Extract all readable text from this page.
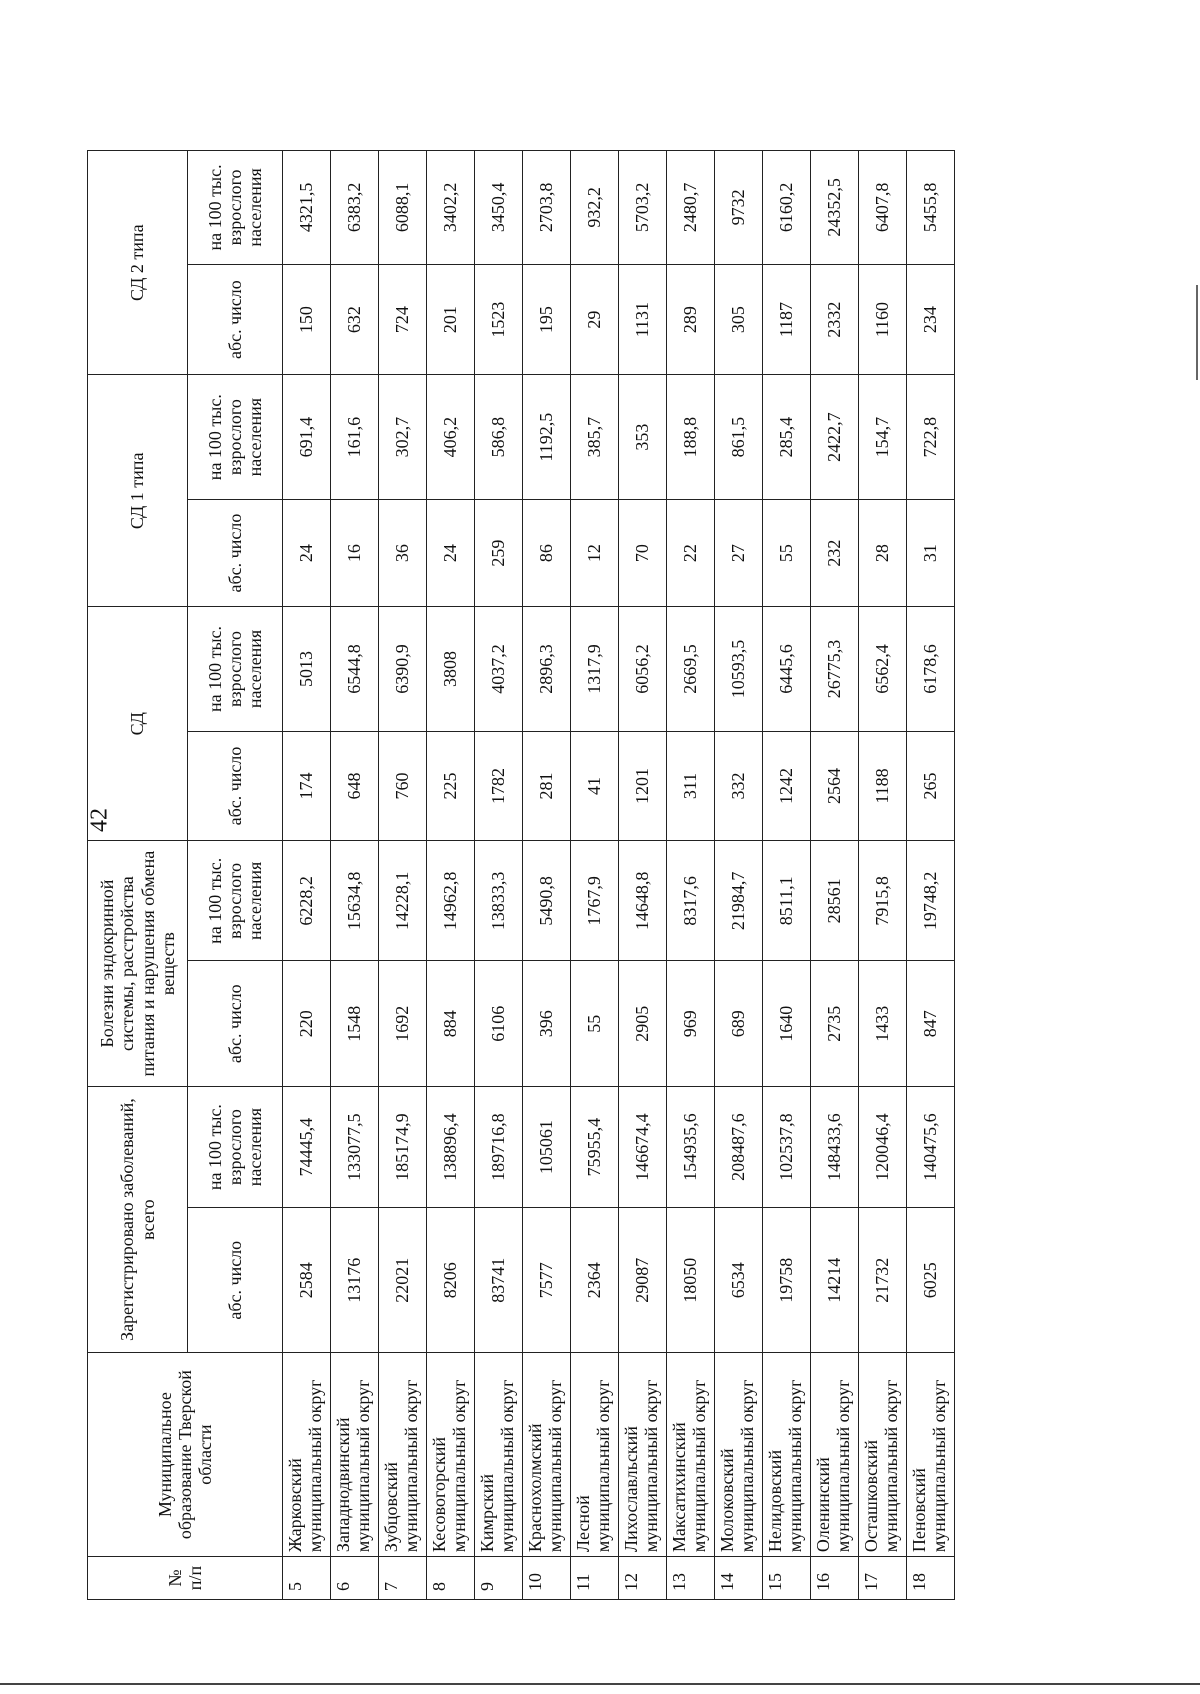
42
№ п/п	Муниципальное образование Тверской области	Зарегистрировано заболеваний, всего		Болезни эндокринной системы, расстройства питания и нарушения обмена веществ		СД		СД 1 типа		СД 2 типа	
		абс. число	на 100 тыс. взрослого населения	абс. число	на 100 тыс. взрослого населения	абс. число	на 100 тыс. взрослого населения	абс. число	на 100 тыс. взрослого населения	абс. число	на 100 тыс. взрослого населения
5	Жарковский муниципальный округ	2584	74445,4	220	6228,2	174	5013	24	691,4	150	4321,5
6	Западнодвинский муниципальный округ	13176	133077,5	1548	15634,8	648	6544,8	16	161,6	632	6383,2
7	Зубцовский муниципальный округ	22021	185174,9	1692	14228,1	760	6390,9	36	302,7	724	6088,1
8	Кесовогорский муниципальный округ	8206	138896,4	884	14962,8	225	3808	24	406,2	201	3402,2
9	Кимрский муниципальный округ	83741	189716,8	6106	13833,3	1782	4037,2	259	586,8	1523	3450,4
10	Краснохолмский муниципальный округ	7577	105061	396	5490,8	281	2896,3	86	1192,5	195	2703,8
11	Лесной муниципальный округ	2364	75955,4	55	1767,9	41	1317,9	12	385,7	29	932,2
12	Лихославльский муниципальный округ	29087	146674,4	2905	14648,8	1201	6056,2	70	353	1131	5703,2
13	Максатихинский муниципальный округ	18050	154935,6	969	8317,6	311	2669,5	22	188,8	289	2480,7
14	Молоковский муниципальный округ	6534	208487,6	689	21984,7	332	10593,5	27	861,5	305	9732
15	Нелидовский муниципальный округ	19758	102537,8	1640	8511,1	1242	6445,6	55	285,4	1187	6160,2
16	Оленинский муниципальный округ	14214	148433,6	2735	28561	2564	26775,3	232	2422,7	2332	24352,5
17	Осташковский муниципальный округ	21732	120046,4	1433	7915,8	1188	6562,4	28	154,7	1160	6407,8
18	Пеновский муниципальный округ	6025	140475,6	847	19748,2	265	6178,6	31	722,8	234	5455,8
